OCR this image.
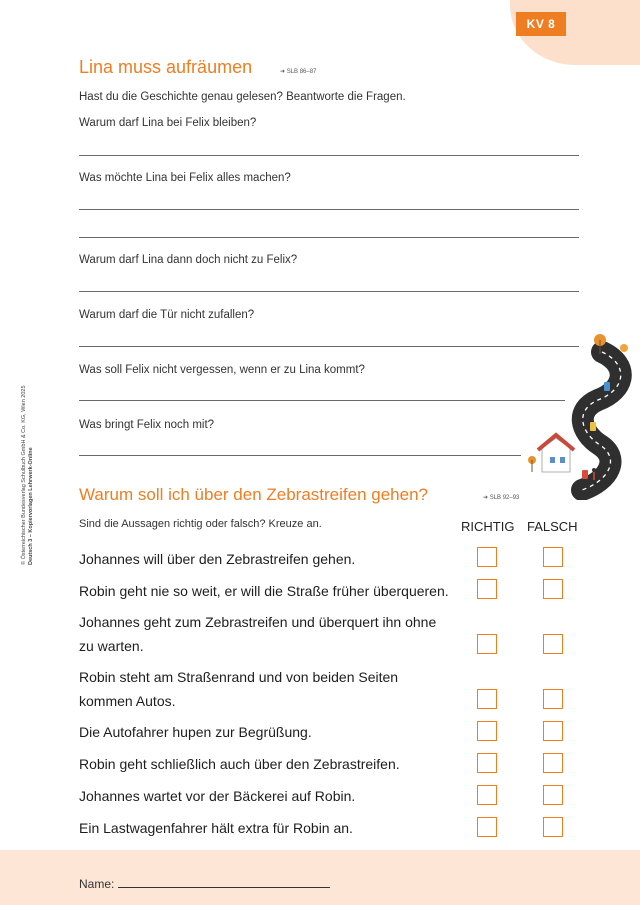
KV 8
© Österreichischer Bundesverlag Schulbuch GmbH & Co. KG, Wien 2025 Deutsch 3 – Kopiervorlagen Lehrwerk-Online
Lina muss aufräumen	➜ SLB 86–87
Hast du die Geschichte genau gelesen? Beantworte die Fragen.
Warum darf Lina bei Felix bleiben?
Was möchte Lina bei Felix alles machen?
Warum darf Lina dann doch nicht zu Felix?
Warum darf die Tür nicht zufallen?
Was soll Felix nicht vergessen, wenn er zu Lina kommt?
Was bringt Felix noch mit?
Warum soll ich über den Zebrastreifen gehen?	➜ SLB 92–93
Sind die Aussagen richtig oder falsch? Kreuze an.	RICHTIG FALSCH
Johannes will über den Zebrastreifen gehen.
Robin geht nie so weit, er will die Straße früher überqueren.
Johannes geht zum Zebrastreifen und überquert ihn ohne zu warten.
Robin steht am Straßenrand und von beiden Seiten kommen Autos.
Die Autofahrer hupen zur Begrüßung.
Robin geht schließlich auch über den Zebrastreifen.
Johannes wartet vor der Bäckerei auf Robin.
Ein Lastwagenfahrer hält extra für Robin an.
Name:
